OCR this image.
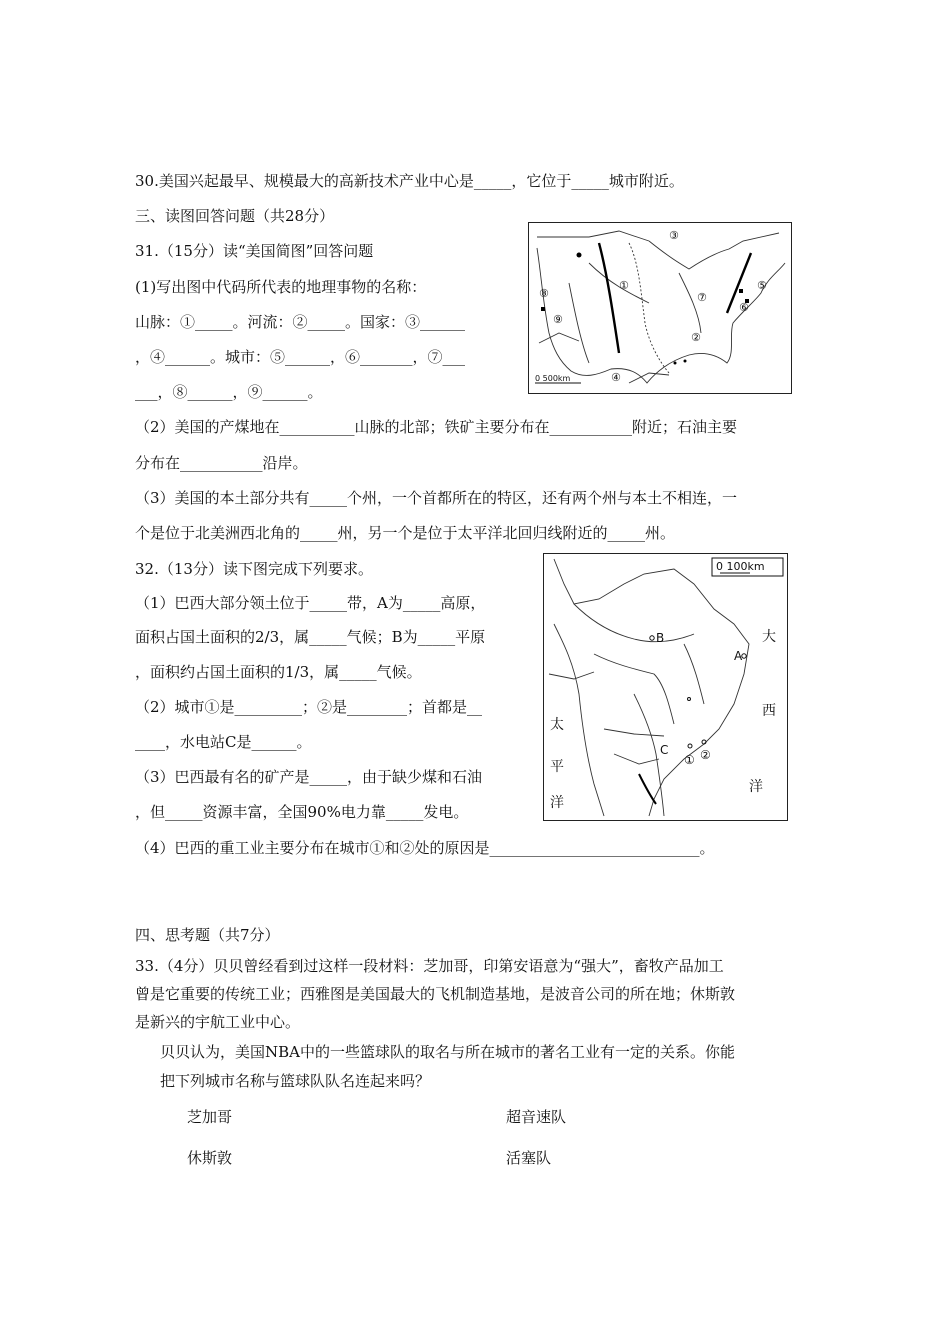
30.美国兴起最早、规模最大的高新技术产业中心是_____，它位于_____城市附近。
三、读图回答问题（共28分）
31.（15分）读“美国简图”回答问题
(1)写出图中代码所代表的地理事物的名称：
山脉：①_____。河流：②_____。国家：③______
，④______。城市：⑤______，⑥_______，⑦___
___，⑧______，⑨______。
（2）美国的产煤地在__________山脉的北部；铁矿主要分布在___________附近；石油主要
分布在___________沿岸。
（3）美国的本土部分共有_____个州，一个首都所在的特区，还有两个州与本土不相连，一
个是位于北美洲西北角的_____州，另一个是位于太平洋北回归线附近的_____州。
①
②
③
④
⑤
⑥
⑦
⑧
⑨
0 500km
32.（13分）读下图完成下列要求。
（1）巴西大部分领土位于_____带，A为_____高原，
面积占国土面积的2/3，属_____气候；B为_____平原
，面积约占国土面积的1/3，属_____气候。
（2）城市①是_________；②是________；首都是__
____，水电站C是______。
（3）巴西最有名的矿产是_____，由于缺少煤和石油
，但_____资源丰富，全国90%电力靠_____发电。
（4）巴西的重工业主要分布在城市①和②处的原因是____________________________。
B
A
C
① ②
0 100km
大
西
洋
太
平
洋
四、思考题（共7分）
33.（4分）贝贝曾经看到过这样一段材料：芝加哥，印第安语意为“强大”，畜牧产品加工
曾是它重要的传统工业；西雅图是美国最大的飞机制造基地，是波音公司的所在地；休斯敦
是新兴的宇航工业中心。
贝贝认为，美国NBA中的一些篮球队的取名与所在城市的著名工业有一定的关系。你能
把下列城市名称与篮球队队名连起来吗？
芝加哥	超音速队
休斯敦	活塞队
